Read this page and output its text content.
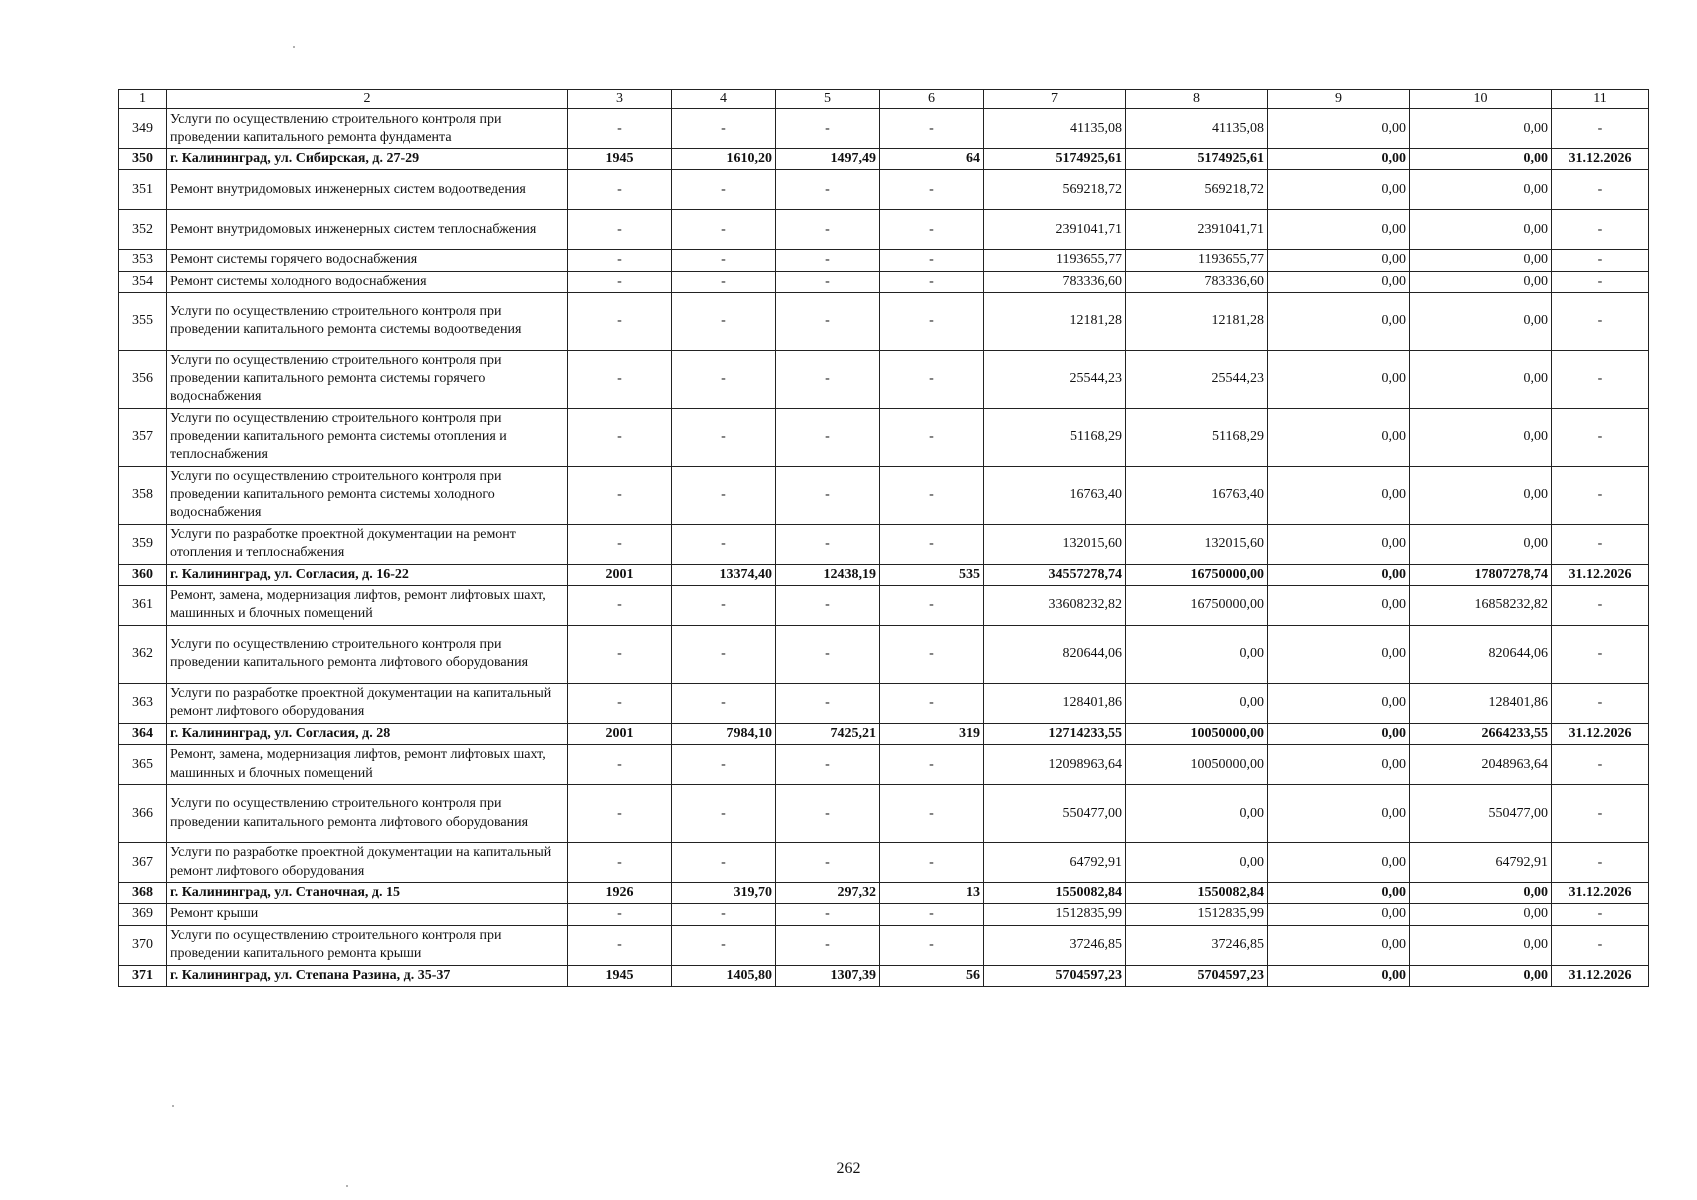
1	2	3	4	5	6	7	8	9	10	11
349	Услуги по осуществлению строительного контроля при проведении капитального ремонта фундамента	-	-	-	-	41135,08	41135,08	0,00	0,00	-
350	г. Калининград, ул. Сибирская, д. 27-29	1945	1610,20	1497,49	64	5174925,61	5174925,61	0,00	0,00	31.12.2026
351	Ремонт внутридомовых инженерных систем водоотведения	-	-	-	-	569218,72	569218,72	0,00	0,00	-
352	Ремонт внутридомовых инженерных систем теплоснабжения	-	-	-	-	2391041,71	2391041,71	0,00	0,00	-
353	Ремонт системы горячего водоснабжения	-	-	-	-	1193655,77	1193655,77	0,00	0,00	-
354	Ремонт системы холодного водоснабжения	-	-	-	-	783336,60	783336,60	0,00	0,00	-
355	Услуги по осуществлению строительного контроля при проведении капитального ремонта системы водоотведения	-	-	-	-	12181,28	12181,28	0,00	0,00	-
356	Услуги по осуществлению строительного контроля при проведении капитального ремонта системы горячего водоснабжения	-	-	-	-	25544,23	25544,23	0,00	0,00	-
357	Услуги по осуществлению строительного контроля при проведении капитального ремонта системы отопления и теплоснабжения	-	-	-	-	51168,29	51168,29	0,00	0,00	-
358	Услуги по осуществлению строительного контроля при проведении капитального ремонта системы холодного водоснабжения	-	-	-	-	16763,40	16763,40	0,00	0,00	-
359	Услуги по разработке проектной документации на ремонт отопления и теплоснабжения	-	-	-	-	132015,60	132015,60	0,00	0,00	-
360	г. Калининград, ул. Согласия, д. 16-22	2001	13374,40	12438,19	535	34557278,74	16750000,00	0,00	17807278,74	31.12.2026
361	Ремонт, замена, модернизация лифтов, ремонт лифтовых шахт, машинных и блочных помещений	-	-	-	-	33608232,82	16750000,00	0,00	16858232,82	-
362	Услуги по осуществлению строительного контроля при проведении капитального ремонта лифтового оборудования	-	-	-	-	820644,06	0,00	0,00	820644,06	-
363	Услуги по разработке проектной документации на капитальный ремонт лифтового оборудования	-	-	-	-	128401,86	0,00	0,00	128401,86	-
364	г. Калининград, ул. Согласия, д. 28	2001	7984,10	7425,21	319	12714233,55	10050000,00	0,00	2664233,55	31.12.2026
365	Ремонт, замена, модернизация лифтов, ремонт лифтовых шахт, машинных и блочных помещений	-	-	-	-	12098963,64	10050000,00	0,00	2048963,64	-
366	Услуги по осуществлению строительного контроля при проведении капитального ремонта лифтового оборудования	-	-	-	-	550477,00	0,00	0,00	550477,00	-
367	Услуги по разработке проектной документации на капитальный ремонт лифтового оборудования	-	-	-	-	64792,91	0,00	0,00	64792,91	-
368	г. Калининград, ул. Станочная, д. 15	1926	319,70	297,32	13	1550082,84	1550082,84	0,00	0,00	31.12.2026
369	Ремонт крыши	-	-	-	-	1512835,99	1512835,99	0,00	0,00	-
370	Услуги по осуществлению строительного контроля при проведении капитального ремонта крыши	-	-	-	-	37246,85	37246,85	0,00	0,00	-
371	г. Калининград, ул. Степана Разина, д. 35-37	1945	1405,80	1307,39	56	5704597,23	5704597,23	0,00	0,00	31.12.2026
262
